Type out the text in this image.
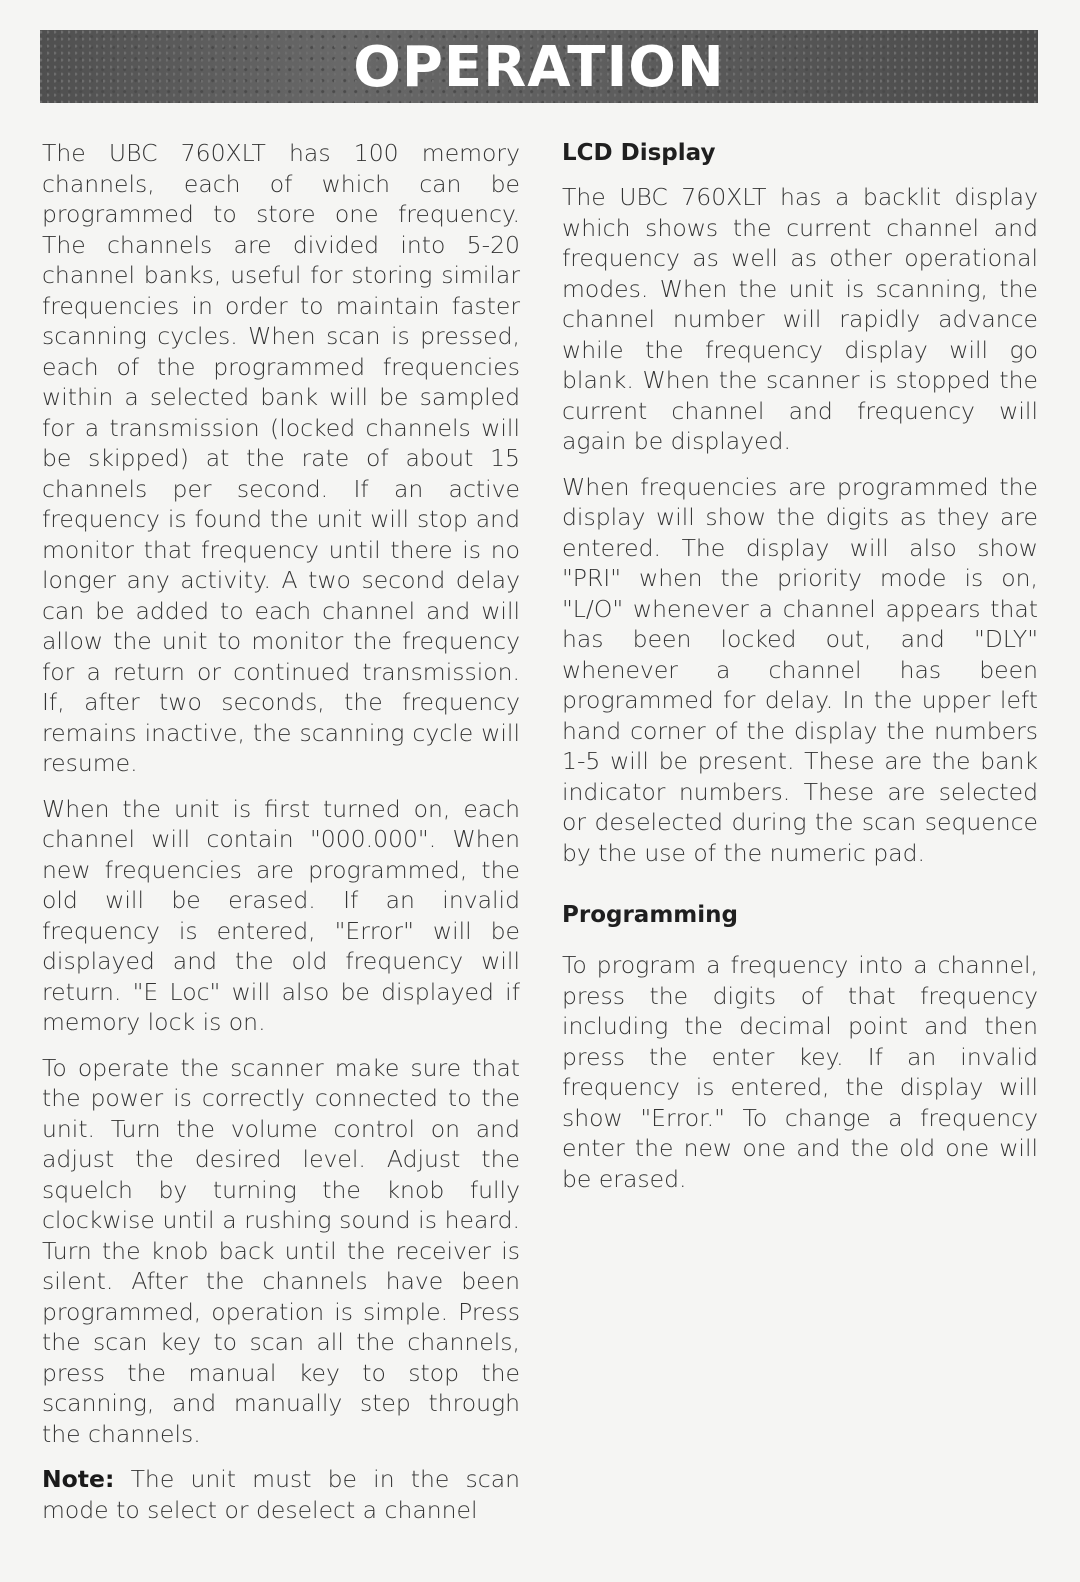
OPERATION

The UBC 760XLT has 100 memory channels, each of which can be programmed to store one frequency. The channels are divided into 5-20 channel banks, useful for storing similar frequencies in order to maintain faster scanning cycles. When scan is pressed, each of the programmed frequencies within a selected bank will be sampled for a transmission (locked channels will be skipped) at the rate of about 15 channels per second. If an active frequency is found the unit will stop and monitor that frequency until there is no longer any activity. A two second delay can be added to each channel and will allow the unit to monitor the frequency for a return or continued transmission. If, after two seconds, the frequency remains inactive, the scanning cycle will resume.

When the unit is first turned on, each channel will contain "000.000". When new frequencies are programmed, the old will be erased. If an invalid frequency is entered, "Error" will be displayed and the old frequency will return. "E Loc" will also be displayed if memory lock is on.

To operate the scanner make sure that the power is correctly connected to the unit. Turn the volume control on and adjust the desired level. Adjust the squelch by turning the knob fully clockwise until a rushing sound is heard. Turn the knob back until the receiver is silent. After the channels have been programmed, operation is simple. Press the scan key to scan all the channels, press the manual key to stop the scanning, and manually step through the channels.

Note: The unit must be in the scan mode to select or deselect a channel

LCD Display

The UBC 760XLT has a backlit display which shows the current channel and frequency as well as other operational modes. When the unit is scanning, the channel number will rapidly advance while the frequency display will go blank. When the scanner is stopped the current channel and frequency will again be displayed.

When frequencies are programmed the display will show the digits as they are entered. The display will also show "PRI" when the priority mode is on, "L/O" whenever a channel appears that has been locked out, and "DLY" whenever a channel has been programmed for delay. In the upper left hand corner of the display the numbers 1-5 will be present. These are the bank indicator numbers. These are selected or deselected during the scan sequence by the use of the numeric pad.

Programming

To program a frequency into a channel, press the digits of that frequency including the decimal point and then press the enter key. If an invalid frequency is entered, the display will show "Error." To change a frequency enter the new one and the old one will be erased.
